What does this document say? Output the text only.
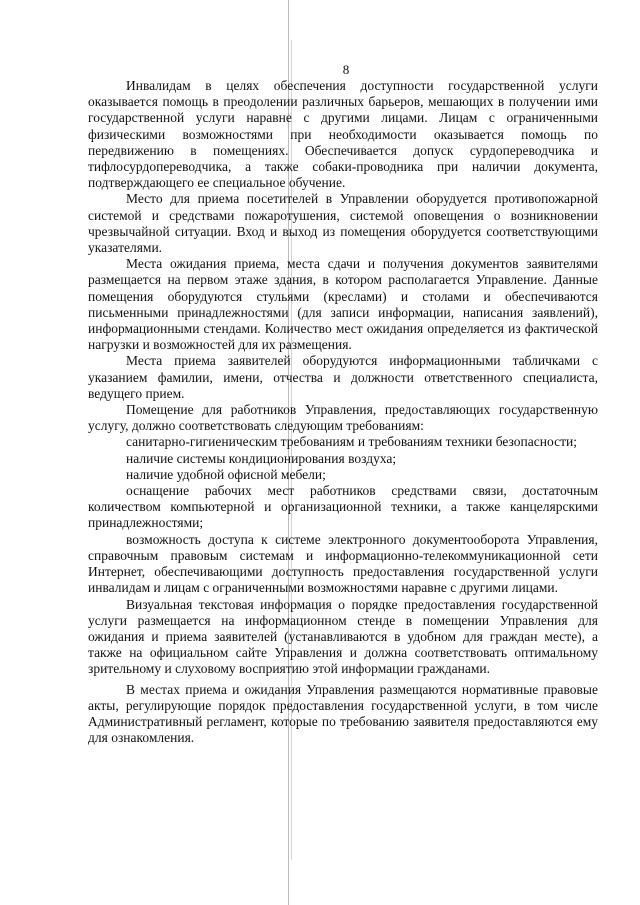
8

Инвалидам в целях обеспечения доступности государственной услуги оказывается помощь в преодолении различных барьеров, мешающих в получении ими государственной услуги наравне с другими лицами. Лицам с ограниченными физическими возможностями при необходимости оказывается помощь по передвижению в помещениях. Обеспечивается допуск сурдопереводчика и тифлосурдопереводчика, а также собаки-проводника при наличии документа, подтверждающего ее специальное обучение.

Место для приема посетителей в Управлении оборудуется противопожарной системой и средствами пожаротушения, системой оповещения о возникновении чрезвычайной ситуации. Вход и выход из помещения оборудуется соответствующими указателями.

Места ожидания приема, места сдачи и получения документов заявителями размещается на первом этаже здания, в котором располагается Управление. Данные помещения оборудуются стульями (креслами) и столами и обеспечиваются письменными принадлежностями (для записи информации, написания заявлений), информационными стендами. Количество мест ожидания определяется из фактической нагрузки и возможностей для их размещения.

Места приема заявителей оборудуются информационными табличками с указанием фамилии, имени, отчества и должности ответственного специалиста, ведущего прием.

Помещение для работников Управления, предоставляющих государственную услугу, должно соответствовать следующим требованиям:

санитарно-гигиеническим требованиям и требованиям техники безопасности;

наличие системы кондиционирования воздуха;

наличие удобной офисной мебели;

оснащение рабочих мест работников средствами связи, достаточным количеством компьютерной и организационной техники, а также канцелярскими принадлежностями;

возможность доступа к системе электронного документооборота Управления, справочным правовым системам и информационно-телекоммуникационной сети Интернет, обеспечивающими доступность предоставления государственной услуги инвалидам и лицам с ограниченными возможностями наравне с другими лицами.

Визуальная текстовая информация о порядке предоставления государственной услуги размещается на информационном стенде в помещении Управления для ожидания и приема заявителей (устанавливаются в удобном для граждан месте), а также на официальном сайте Управления и должна соответствовать оптимальному зрительному и слуховому восприятию этой информации гражданами.

В местах приема и ожидания Управления размещаются нормативные правовые акты, регулирующие порядок предоставления государственной услуги, в том числе Административный регламент, которые по требованию заявителя предоставляются ему для ознакомления.
